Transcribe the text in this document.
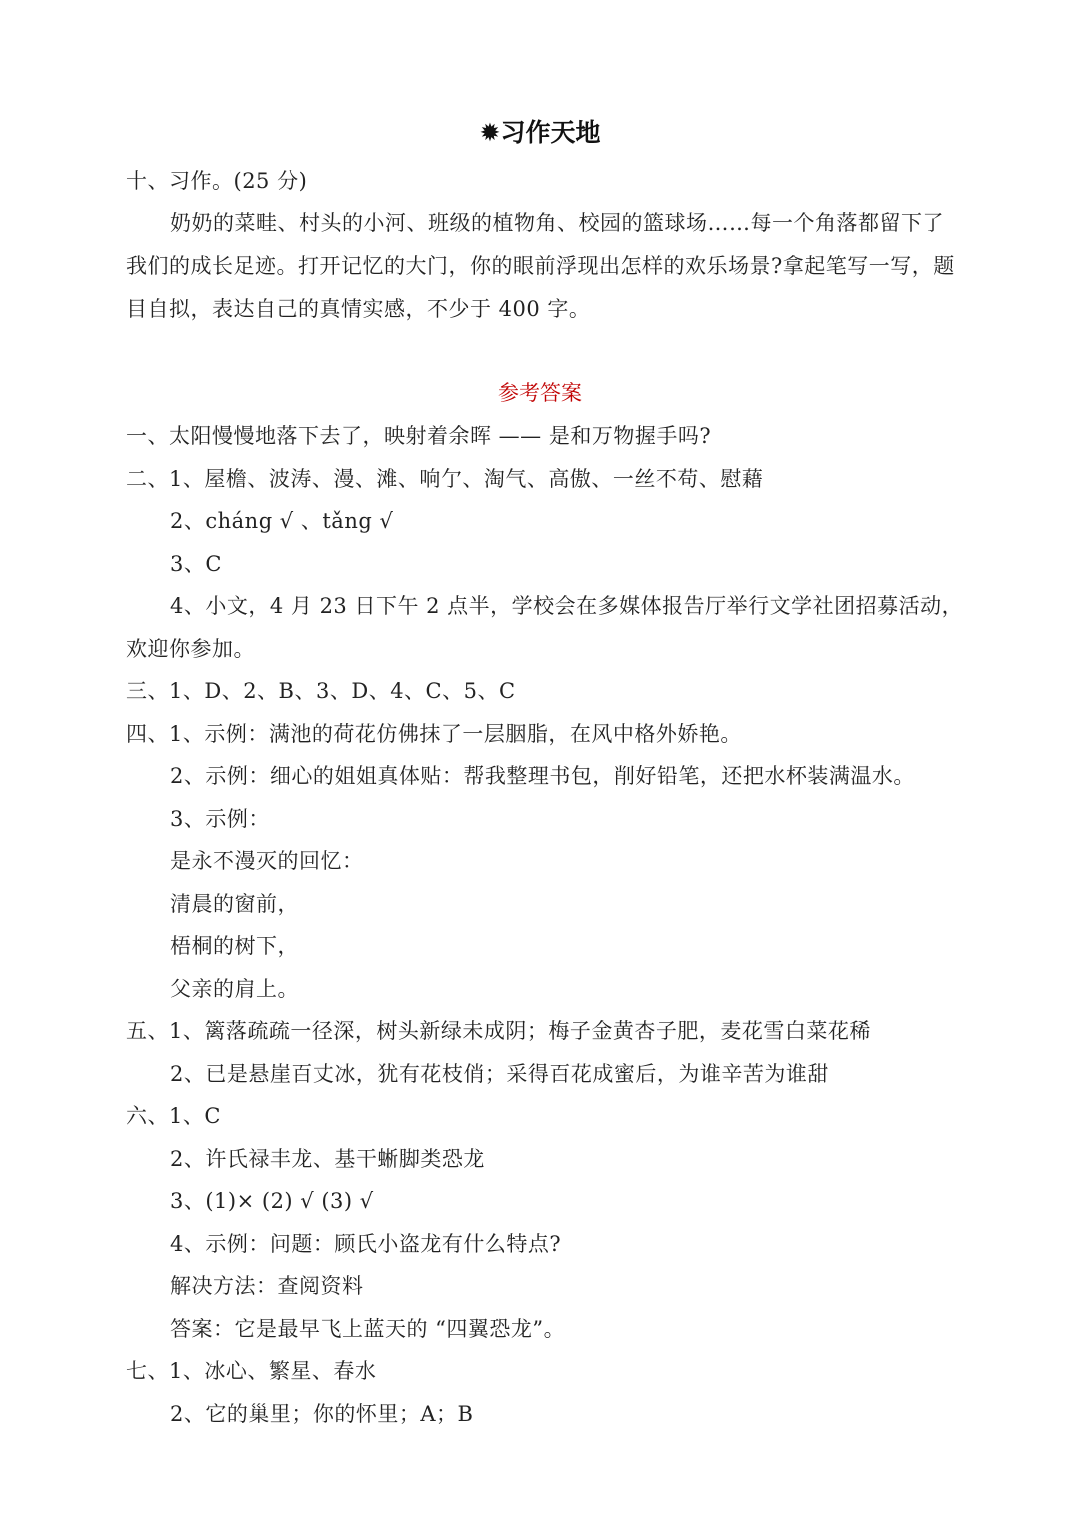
✹习作天地
十、习作。(25 分)
奶奶的菜畦、村头的小河、班级的植物角、校园的篮球场……每一个角落都留下了
我们的成长足迹。打开记忆的大门，你的眼前浮现出怎样的欢乐场景?拿起笔写一写，题
目自拟，表达自己的真情实感，不少于 400 字。
参考答案
一、太阳慢慢地落下去了，映射着余晖 —— 是和万物握手吗?
二、1、屋檐、波涛、漫、滩、响亇、淘气、高傲、一丝不苟、慰藉
2、cháng √ 、tǎng √
3、C
4、小文，4 月 23 日下午 2 点半，学校会在多媒体报告厅举行文学社团招募活动，
欢迎你参加。
三、1、D、2、B、3、D、4、C、5、C
四、1、示例：满池的荷花仿佛抹了一层胭脂，在风中格外娇艳。
2、示例：细心的姐姐真体贴：帮我整理书包，削好铅笔，还把水杯装满温水。
3、示例：
是永不漫灭的回忆：
清晨的窗前，
梧桐的树下，
父亲的肩上。
五、1、篱落疏疏一径深，树头新绿未成阴；梅子金黄杏子肥，麦花雪白菜花稀
2、已是悬崖百丈冰，犹有花枝俏；采得百花成蜜后，为谁辛苦为谁甜
六、1、C
2、许氏禄丰龙、基干蜥脚类恐龙
3、(1)× (2) √ (3) √
4、示例：问题：顾氏小盗龙有什么特点?
解决方法：查阅资料
答案：它是最早飞上蓝天的 “四翼恐龙”。
七、1、冰心、繁星、春水
2、它的巢里；你的怀里；A；B
